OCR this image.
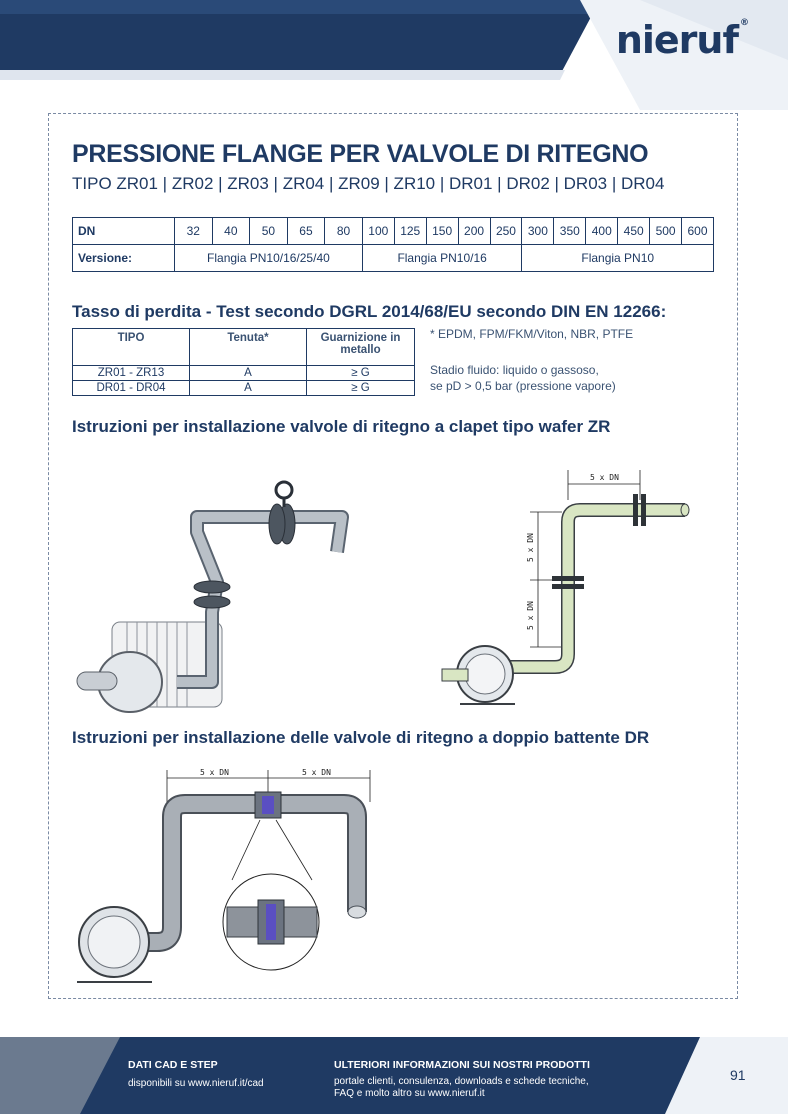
nieruf ®
PRESSIONE FLANGE PER VALVOLE DI RITEGNO
TIPO ZR01 | ZR02 | ZR03 | ZR04 | ZR09 | ZR10 | DR01 | DR02 | DR03 | DR04
DN	32	40	50	65	80	100	125	150	200	250	300	350	400	450	500	600
Versione:	Flangia PN10/16/25/40					Flangia PN10/16					Flangia PN10					
Tasso di perdita - Test secondo DGRL 2014/68/EU secondo DIN EN 12266:
TIPO	Tenuta*	Guarnizione in metallo
ZR01 - ZR13	A	≥ G
DR01 - DR04	A	≥ G
* EPDM, FPM/FKM/Viton, NBR, PTFE
Stadio fluido: liquido o gassoso,
se pD > 0,5 bar (pressione vapore)
Istruzioni per installazione valvole di ritegno a clapet tipo wafer ZR
5 x DN
5 x DN
5 x DN
Istruzioni per installazione delle valvole di ritegno a doppio battente DR
5 x DN	5 x DN
DATI CAD E STEP
disponibili su www.nieruf.it/cad
ULTERIORI INFORMAZIONI SUI NOSTRI PRODOTTI
portale clienti, consulenza, downloads e schede tecniche,
FAQ e molto altro su www.nieruf.it
91
